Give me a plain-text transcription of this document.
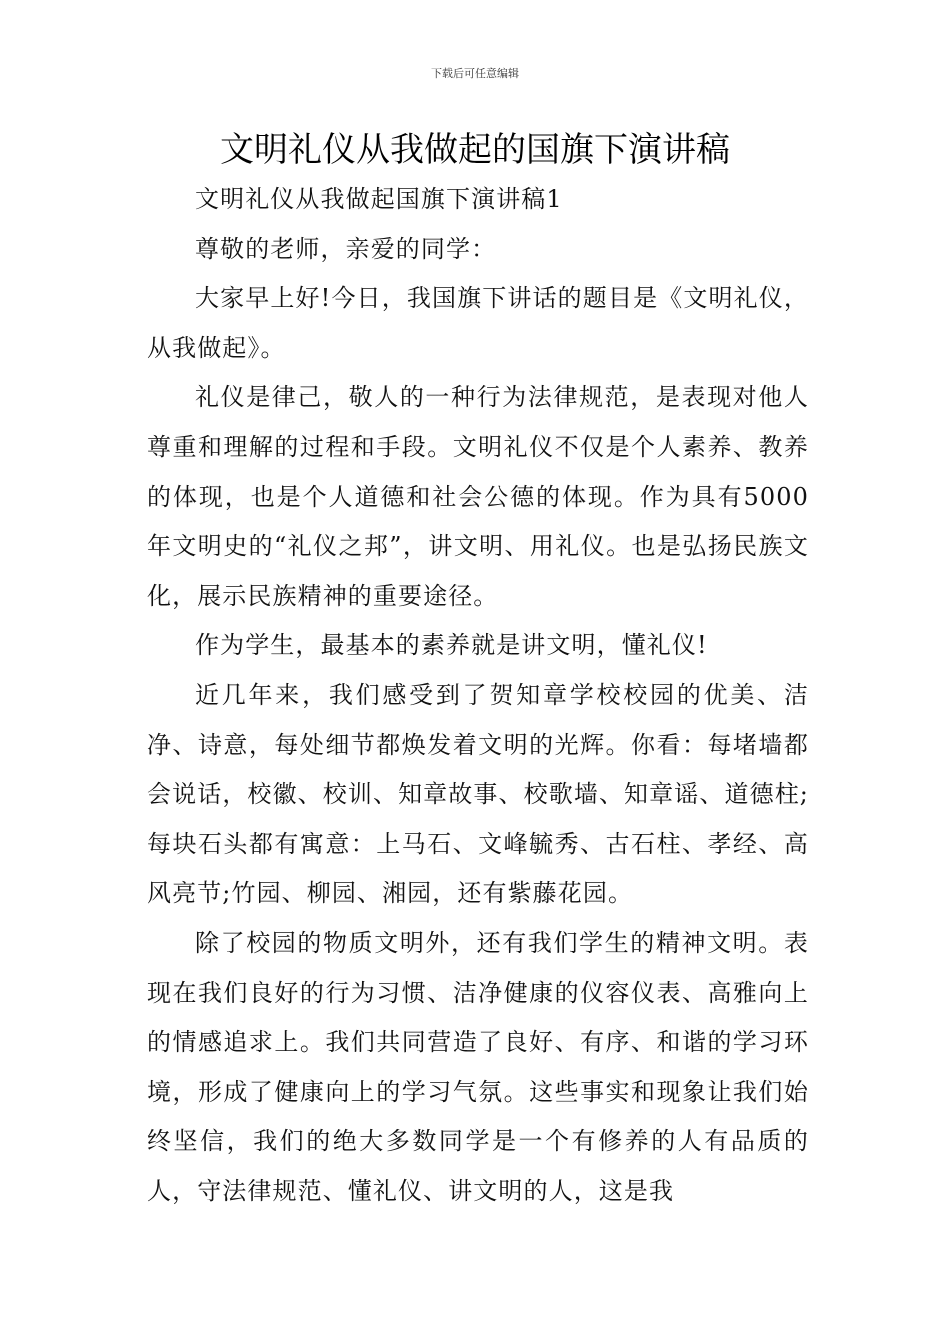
下载后可任意编辑
文明礼仪从我做起的国旗下演讲稿

文明礼仪从我做起国旗下演讲稿1

尊敬的老师，亲爱的同学：

大家早上好!今日，我国旗下讲话的题目是《文明礼仪，从我做起》。

礼仪是律己，敬人的一种行为法律规范，是表现对他人尊重和理解的过程和手段。文明礼仪不仅是个人素养、教养的体现，也是个人道德和社会公德的体现。作为具有5000年文明史的“礼仪之邦”，讲文明、用礼仪。也是弘扬民族文化，展示民族精神的重要途径。

作为学生，最基本的素养就是讲文明，懂礼仪!

近几年来，我们感受到了贺知章学校校园的优美、洁净、诗意，每处细节都焕发着文明的光辉。你看：每堵墙都会说话，校徽、校训、知章故事、校歌墙、知章谣、道德柱;每块石头都有寓意：上马石、文峰毓秀、古石柱、孝经、高风亮节;竹园、柳园、湘园，还有紫藤花园。

除了校园的物质文明外，还有我们学生的精神文明。表现在我们良好的行为习惯、洁净健康的仪容仪表、高雅向上的情感追求上。我们共同营造了良好、有序、和谐的学习环境，形成了健康向上的学习气氛。这些事实和现象让我们始终坚信，我们的绝大多数同学是一个有修养的人有品质的人，守法律规范、懂礼仪、讲文明的人，这是我
